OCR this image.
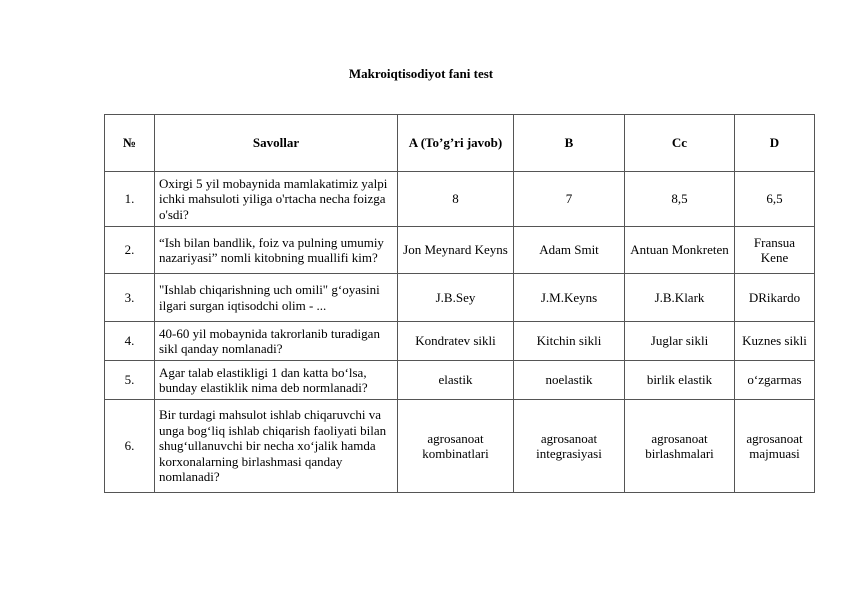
Makroiqtisodiyot fani test
№	Savollar	A (To’g’ri javob)	B	Cc	D
1.	Oxirgi 5 yil mobaynida mamlakatimiz yalpi ichki mahsuloti yiliga o'rtacha necha foizga o'sdi?	8	7	8,5	6,5
2.	“Ish bilan bandlik, foiz va pulning umumiy nazariyasi” nomli kitobning muallifi kim?	Jon Meynard Keyns	Adam Smit	Antuan Monkreten	Fransua Kene
3.	"Ishlab chiqarishning uch omili" g‘oyasini ilgari surgan iqtisodchi olim - ...	J.B.Sey	J.M.Keyns	J.B.Klark	DRikardo
4.	40-60 yil mobaynida takrorlanib turadigan sikl qanday nomlanadi?	Kondratev sikli	Kitchin sikli	Juglar sikli	Kuznes sikli
5.	Agar talab elastikligi 1 dan katta bo‘lsa, bunday elastiklik nima deb normlanadi?	elastik	noelastik	birlik elastik	o‘zgarmas
6.	Bir turdagi mahsulot ishlab chiqaruvchi va unga bog‘liq ishlab chiqarish faoliyati bilan shug‘ullanuvchi bir necha xo‘jalik hamda korxonalarning birlashmasi qanday nomlanadi?	agrosanoat kombinatlari	agrosanoat integrasiyasi	agrosanoat birlashmalari	agrosanoat majmuasi
